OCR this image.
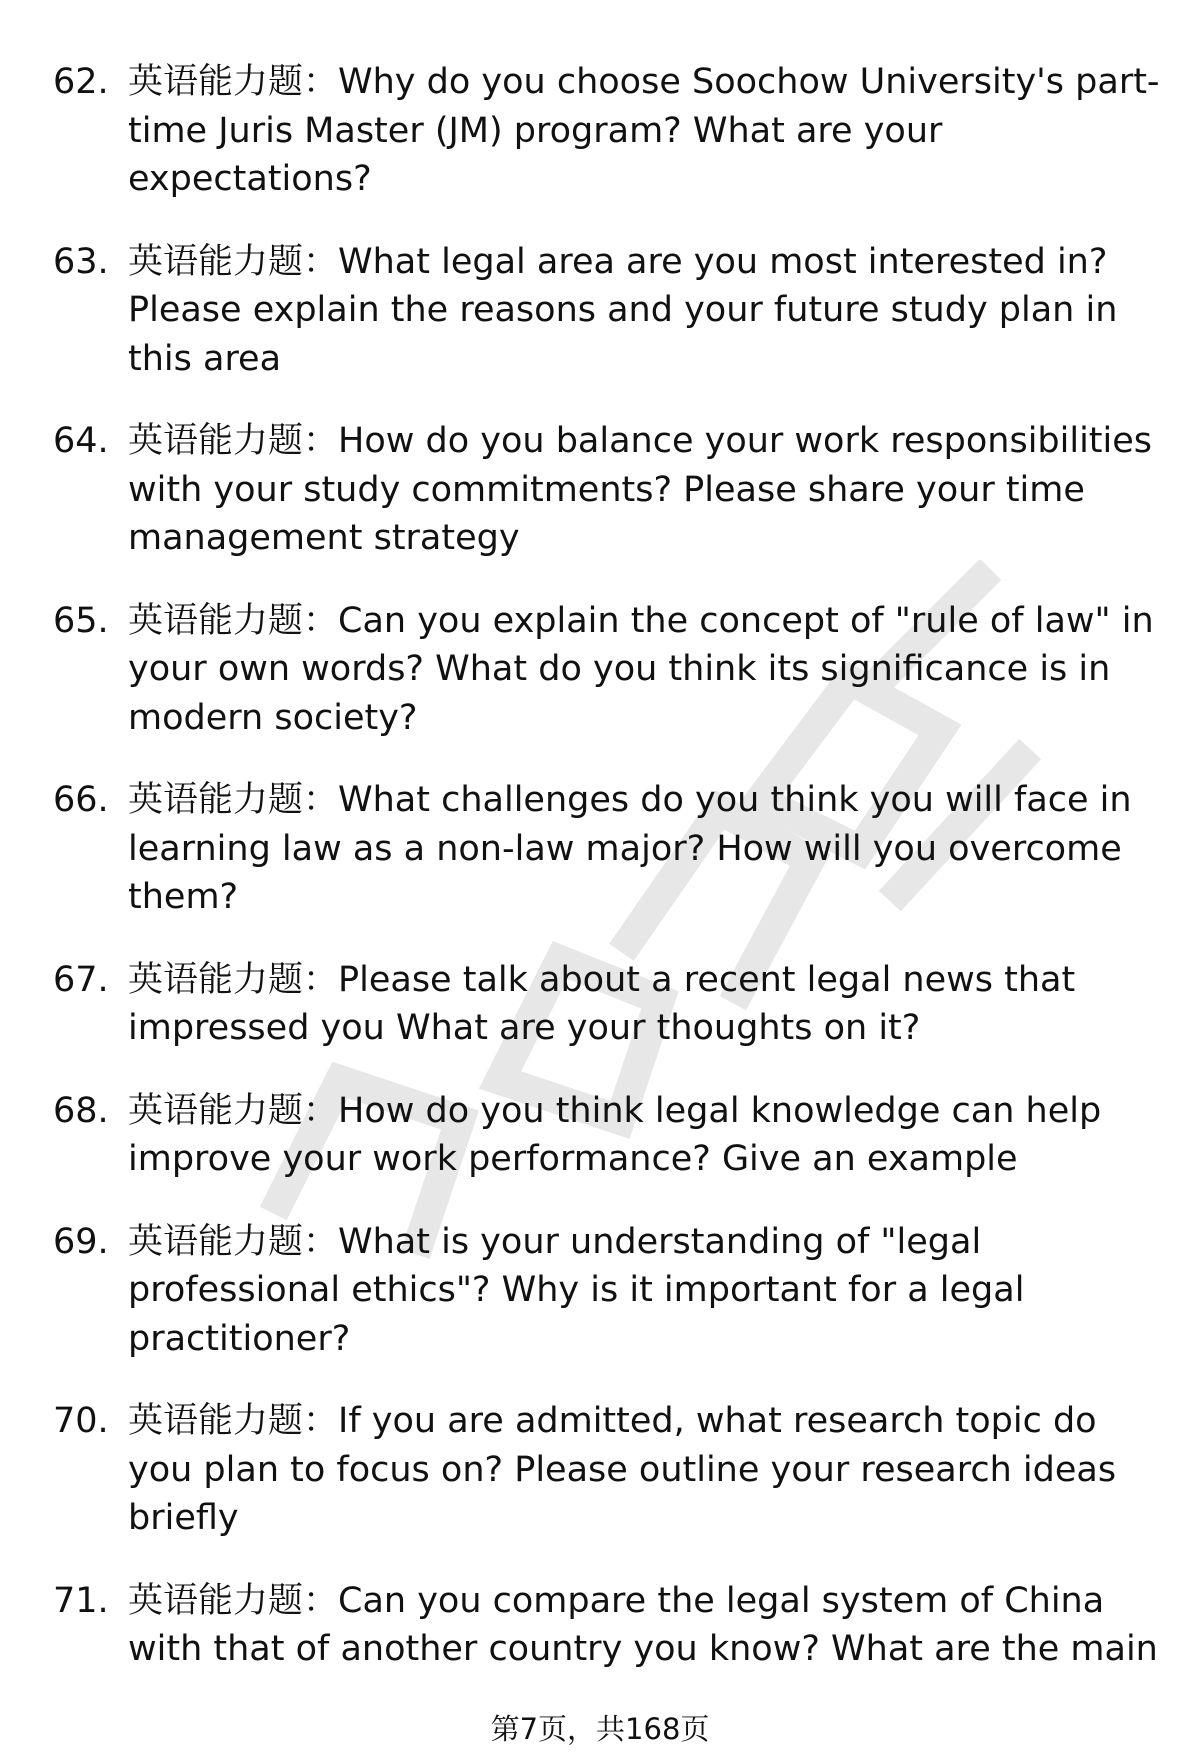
62. 英语能力题：Why do you choose Soochow University's part-time Juris Master (JM) program? What are your expectations?
63. 英语能力题：What legal area are you most interested in? Please explain the reasons and your future study plan in this area
64. 英语能力题：How do you balance your work responsibilities with your study commitments? Please share your time management strategy
65. 英语能力题：Can you explain the concept of "rule of law" in your own words? What do you think its significance is in modern society?
66. 英语能力题：What challenges do you think you will face in learning law as a non-law major? How will you overcome them?
67. 英语能力题：Please talk about a recent legal news that impressed you What are your thoughts on it?
68. 英语能力题：How do you think legal knowledge can help improve your work performance? Give an example
69. 英语能力题：What is your understanding of "legal professional ethics"? Why is it important for a legal practitioner?
70. 英语能力题：If you are admitted, what research topic do you plan to focus on? Please outline your research ideas briefly
71. 英语能力题：Can you compare the legal system of China with that of another country you know? What are the main
第7页，共168页
